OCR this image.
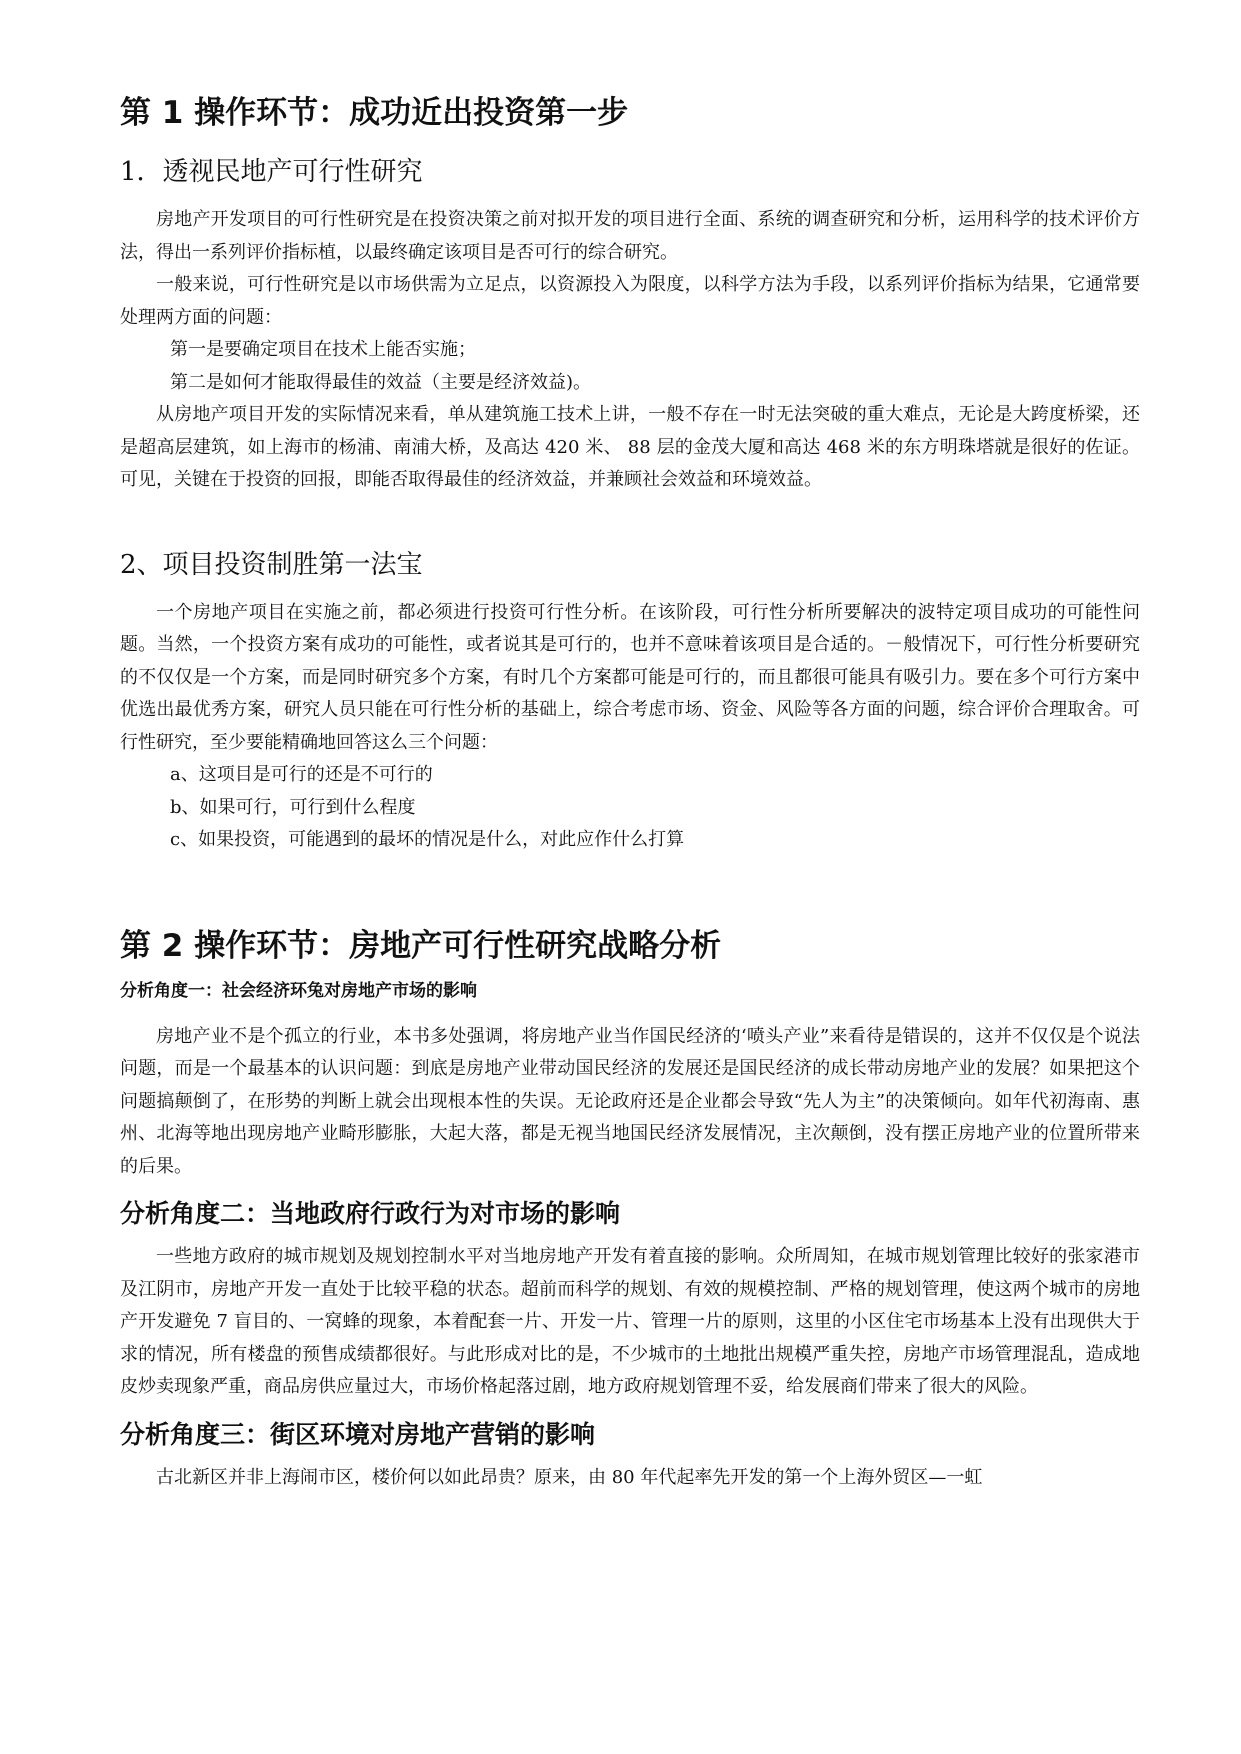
第 1 操作环节：成功近出投资第一步
1．透视民地产可行性研究

房地产开发项目的可行性研究是在投资决策之前对拟开发的项目进行全面、系统的调查研究和分析，运用科学的技术评价方法，得出一系列评价指标植，以最终确定该项目是否可行的综合研究。

一般来说，可行性研究是以市场供需为立足点，以资源投入为限度，以科学方法为手段，以系列评价指标为结果，它通常要处理两方面的问题：

第一是要确定项目在技术上能否实施；

第二是如何才能取得最佳的效益（主要是经济效益)。

从房地产项目开发的实际情况来看，单从建筑施工技术上讲，一般不存在一时无法突破的重大难点，无论是大跨度桥梁，还是超高层建筑，如上海市的杨浦、南浦大桥，及高达 420 米、 88 层的金茂大厦和高达 468 米的东方明珠塔就是很好的佐证。可见，关键在于投资的回报，即能否取得最佳的经济效益，并兼顾社会效益和环境效益。

2、项目投资制胜第一法宝

一个房地产项目在实施之前，都必须进行投资可行性分析。在该阶段，可行性分析所要解决的波特定项目成功的可能性问题。当然，一个投资方案有成功的可能性，或者说其是可行的，也并不意味着该项目是合适的。－般情况下，可行性分析要研究的不仅仅是一个方案，而是同时研究多个方案，有时几个方案都可能是可行的，而且都很可能具有吸引力。要在多个可行方案中优选出最优秀方案，研究人员只能在可行性分析的基础上，综合考虑市场、资金、风险等各方面的问题，综合评价合理取舍。可行性研究，至少要能精确地回答这么三个问题：

a、这项目是可行的还是不可行的

b、如果可行，可行到什么程度

c、如果投资，可能遇到的最坏的情况是什么，对此应作什么打算

第 2 操作环节：房地产可行性研究战略分析
分析角度一：社会经济环兔对房地产市场的影响

房地产业不是个孤立的行业，本书多处强调，将房地产业当作国民经济的‘喷头产业”来看待是错误的，这并不仅仅是个说法问题，而是一个最基本的认识问题：到底是房地产业带动国民经济的发展还是国民经济的成长带动房地产业的发展？如果把这个问题搞颠倒了，在形势的判断上就会出现根本性的失误。无论政府还是企业都会导致“先人为主”的决策倾向。如年代初海南、惠州、北海等地出现房地产业畸形膨胀，大起大落，都是无视当地国民经济发展情况，主次颠倒，没有摆正房地产业的位置所带来的后果。

分析角度二：当地政府行政行为对市场的影响

一些地方政府的城市规划及规划控制水平对当地房地产开发有着直接的影响。众所周知，在城市规划管理比较好的张家港市及江阴市，房地产开发一直处于比较平稳的状态。超前而科学的规划、有效的规模控制、严格的规划管理，使这两个城市的房地产开发避免 7 盲目的、一窝蜂的现象，本着配套一片、开发一片、管理一片的原则，这里的小区住宅市场基本上没有出现供大于求的情况，所有楼盘的预售成绩都很好。与此形成对比的是，不少城市的土地批出规模严重失控，房地产市场管理混乱，造成地皮炒卖现象严重，商品房供应量过大，市场价格起落过剧，地方政府规划管理不妥，给发展商们带来了很大的风险。

分析角度三：街区环境对房地产营销的影响

古北新区并非上海闹市区，楼价何以如此昂贵？原来，由 80 年代起率先开发的第一个上海外贸区—一虹
